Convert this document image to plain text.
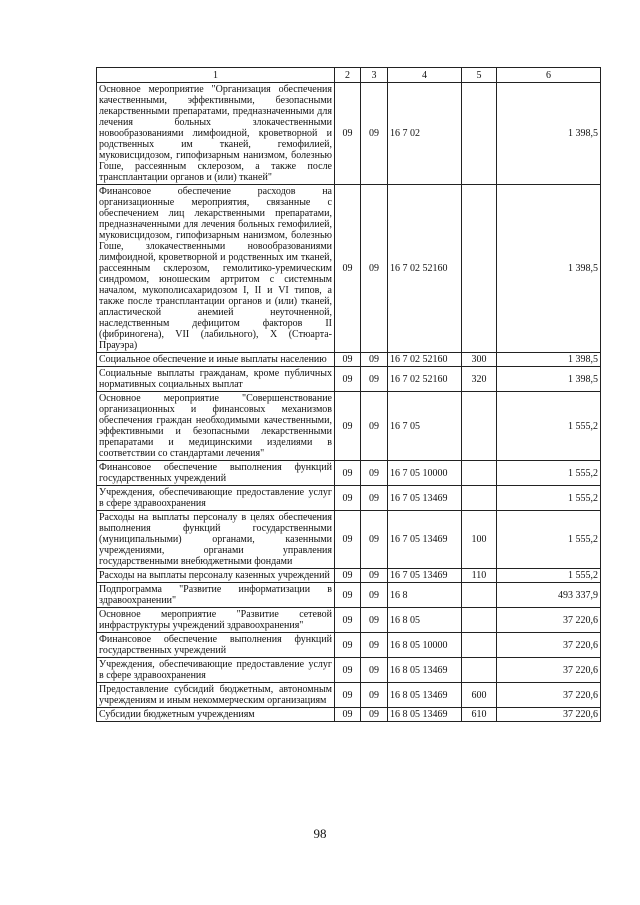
1	2	3	4	5	6
Основное мероприятие "Организация обеспечения качественными, эффективными, безопасными лекарственными препаратами, предназначенными для лечения больных злокачественными новообразованиями лимфоидной, кроветворной и родственных им тканей, гемофилией, муковисцидозом, гипофизарным нанизмом, болезнью Гоше, рассеянным склерозом, а также после трансплантации органов и (или) тканей"	09	09	16 7 02		1 398,5
Финансовое обеспечение расходов на организационные мероприятия, связанные с обеспечением лиц лекарственными препаратами, предназначенными для лечения больных гемофилией, муковисцидозом, гипофизарным нанизмом, болезнью Гоше, злокачественными новообразованиями лимфоидной, кроветворной и родственных им тканей, рассеянным склерозом, гемолитико-уремическим синдромом, юношеским артритом с системным началом, мукополисахаридозом I, II и VI типов, а также после трансплантации органов и (или) тканей, апластической анемией неуточненной, наследственным дефицитом факторов II (фибриногена), VII (лабильного), X (Стюарта-Прауэра)	09	09	16 7 02 52160		1 398,5
Социальное обеспечение и иные выплаты населению	09	09	16 7 02 52160	300	1 398,5
Социальные выплаты гражданам, кроме публичных нормативных социальных выплат	09	09	16 7 02 52160	320	1 398,5
Основное мероприятие "Совершенствование организационных и финансовых механизмов обеспечения граждан необходимыми качественными, эффективными и безопасными лекарственными препаратами и медицинскими изделиями в соответствии со стандартами лечения"	09	09	16 7 05		1 555,2
Финансовое обеспечение выполнения функций государственных учреждений	09	09	16 7 05 10000		1 555,2
Учреждения, обеспечивающие предоставление услуг в сфере здравоохранения	09	09	16 7 05 13469		1 555,2
Расходы на выплаты персоналу в целях обеспечения выполнения функций государственными (муниципальными) органами, казенными учреждениями, органами управления государственными внебюджетными фондами	09	09	16 7 05 13469	100	1 555,2
Расходы на выплаты персоналу казенных учреждений	09	09	16 7 05 13469	110	1 555,2
Подпрограмма "Развитие информатизации в здравоохранении"	09	09	16 8		493 337,9
Основное мероприятие "Развитие сетевой инфраструктуры учреждений здравоохранения"	09	09	16 8 05		37 220,6
Финансовое обеспечение выполнения функций государственных учреждений	09	09	16 8 05 10000		37 220,6
Учреждения, обеспечивающие предоставление услуг в сфере здравоохранения	09	09	16 8 05 13469		37 220,6
Предоставление субсидий бюджетным, автономным учреждениям и иным некоммерческим организациям	09	09	16 8 05 13469	600	37 220,6
Субсидии бюджетным учреждениям	09	09	16 8 05 13469	610	37 220,6
98
